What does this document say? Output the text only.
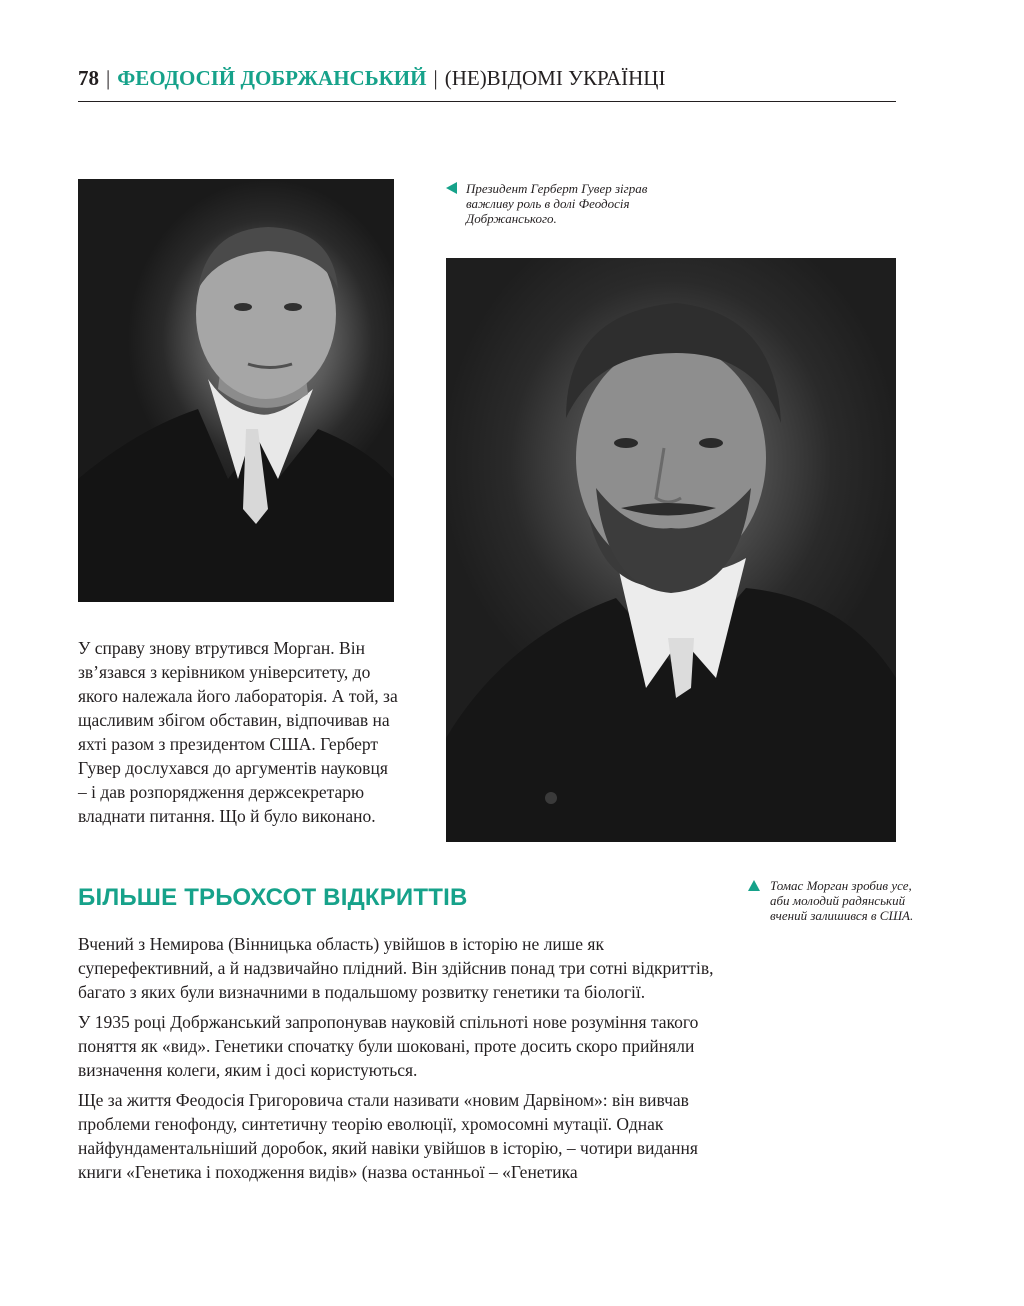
78 | ФЕОДОСІЙ ДОБРЖАНСЬКИЙ | (НЕ)ВІДОМІ УКРАЇНЦІ
Президент Герберт Гувер зіграв важливу роль в долі Феодосія Добржанського.

У справу знову втрутився Морган. Він зв’язався з керівником університету, до якого належала його лабораторія. А той, за щасливим збігом обставин, відпочивав на яхті разом з президентом США. Герберт Гувер дослухався до аргументів науковця – і дав розпорядження держсекретарю владнати питання. Що й було виконано.

БІЛЬШЕ ТРЬОХСОТ ВІДКРИТТІВ	Томас Морган зробив усе, аби молодий радянський вчений залишився в США.

Вчений з Немирова (Вінницька область) увійшов в історію не лише як суперефективний, а й надзвичайно плідний. Він здійснив понад три сотні відкриттів, багато з яких були визначними в подальшому розвитку генетики та біології.

У 1935 році Добржанський запропонував науковій спільноті нове розуміння такого поняття як «вид». Генетики спочатку були шоковані, проте досить скоро прийняли визначення колеги, яким і досі користуються.

Ще за життя Феодосія Григоровича стали називати «новим Дарвіном»: він вивчав проблеми генофонду, синтетичну теорію еволюції, хромосомні мутації. Однак найфундаментальніший доробок, який навіки увійшов в історію, – чотири видання книги «Генетика і походження видів» (назва останньої – «Генетика
